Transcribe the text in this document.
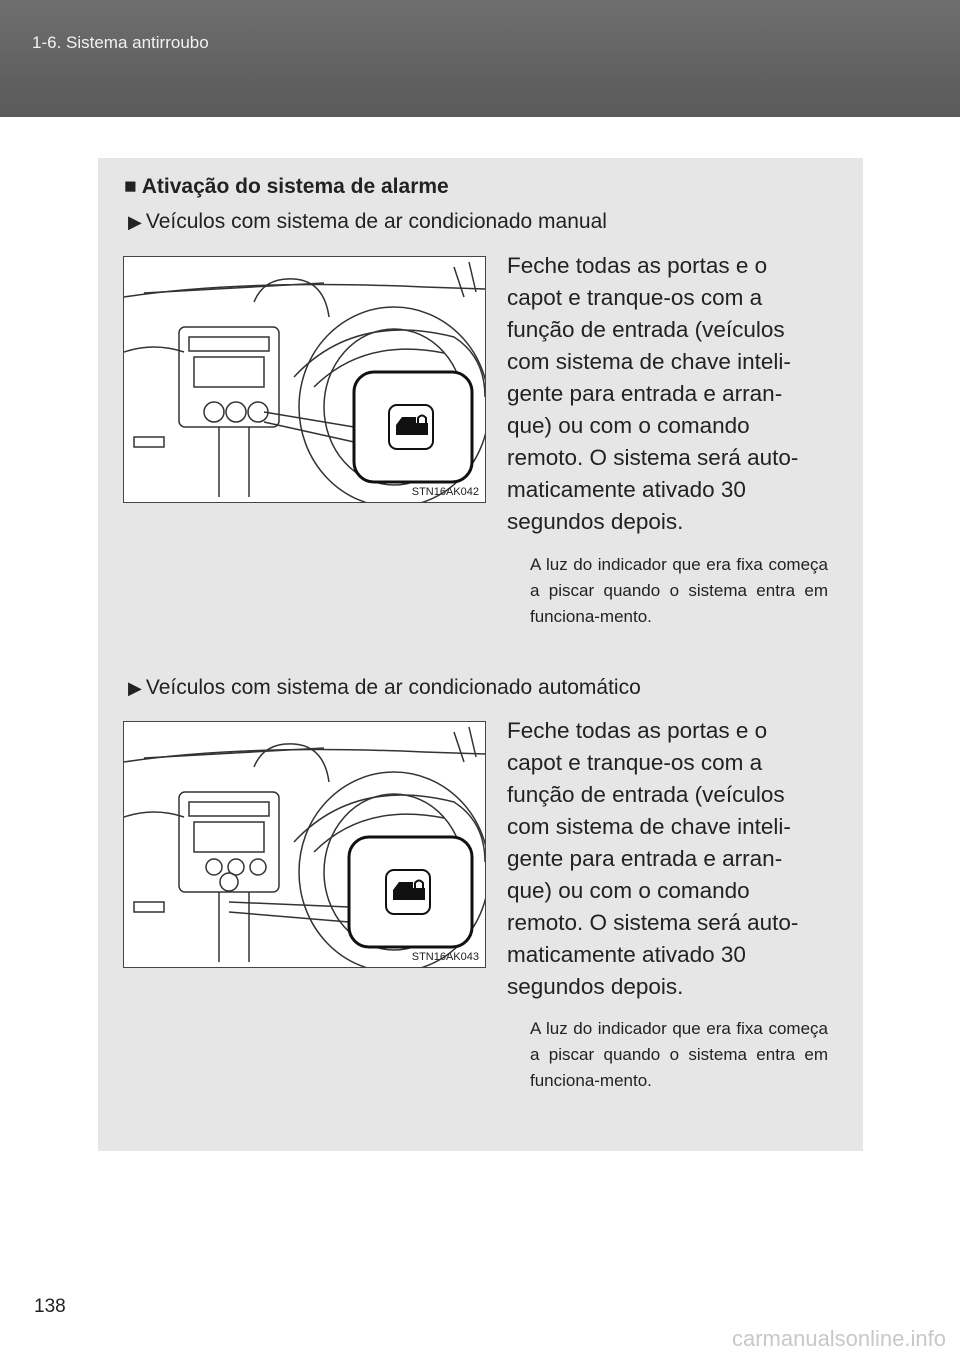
1-6. Sistema antirroubo
■ Ativação do sistema de alarme
▶ Veículos com sistema de ar condicionado manual
STN16AK042
Feche todas as portas e o
capot e tranque-os com a
função de entrada (veículos
com sistema de chave inteli-
gente para entrada e arran-
que) ou com o comando
remoto. O sistema será auto-
maticamente ativado 30
segundos depois.
A luz do indicador que era fixa começa a piscar quando o sistema entra em funciona-mento.
▶ Veículos com sistema de ar condicionado automático
STN16AK043
Feche todas as portas e o
capot e tranque-os com a
função de entrada (veículos
com sistema de chave inteli-
gente para entrada e arran-
que) ou com o comando
remoto. O sistema será auto-
maticamente ativado 30
segundos depois.
A luz do indicador que era fixa começa a piscar quando o sistema entra em funciona-mento.
138
carmanualsonline.info
